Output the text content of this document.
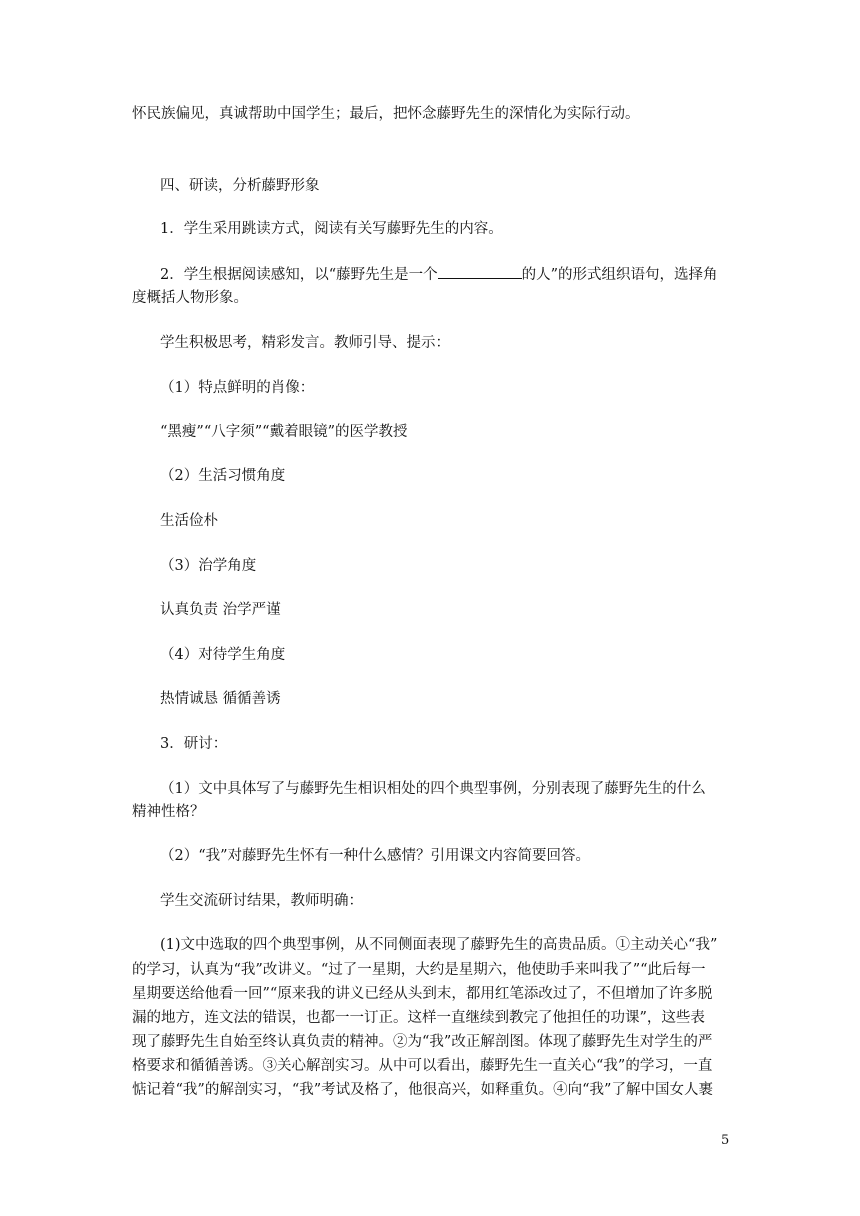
怀民族偏见，真诚帮助中国学生；最后，把怀念藤野先生的深情化为实际行动。
四、研读，分析藤野形象
1．学生采用跳读方式，阅读有关写藤野先生的内容。
2．学生根据阅读感知，以“藤野先生是一个	的人”的形式组织语句，选择角
度概括人物形象。
学生积极思考，精彩发言。教师引导、提示：
（1）特点鲜明的肖像：
“黑瘦”“八字须”“戴着眼镜”的医学教授
（2）生活习惯角度
生活俭朴
（3）治学角度
认真负责 治学严谨
（4）对待学生角度
热情诚恳 循循善诱
3．研讨：
（1）文中具体写了与藤野先生相识相处的四个典型事例，分别表现了藤野先生的什么
精神性格？
（2）“我”对藤野先生怀有一种什么感情？引用课文内容简要回答。
学生交流研讨结果，教师明确：
(1)文中选取的四个典型事例，从不同侧面表现了藤野先生的高贵品质。①主动关心“我”
的学习，认真为“我”改讲义。“过了一星期，大约是星期六，他使助手来叫我了”“此后每一
星期要送给他看一回”“原来我的讲义已经从头到末，都用红笔添改过了，不但增加了许多脱
漏的地方，连文法的错误，也都一一订正。这样一直继续到教完了他担任的功课”，这些表
现了藤野先生自始至终认真负责的精神。②为“我”改正解剖图。体现了藤野先生对学生的严
格要求和循循善诱。③关心解剖实习。从中可以看出，藤野先生一直关心“我”的学习，一直
惦记着“我”的解剖实习，“我”考试及格了，他很高兴，如释重负。④向“我”了解中国女人裹
5
